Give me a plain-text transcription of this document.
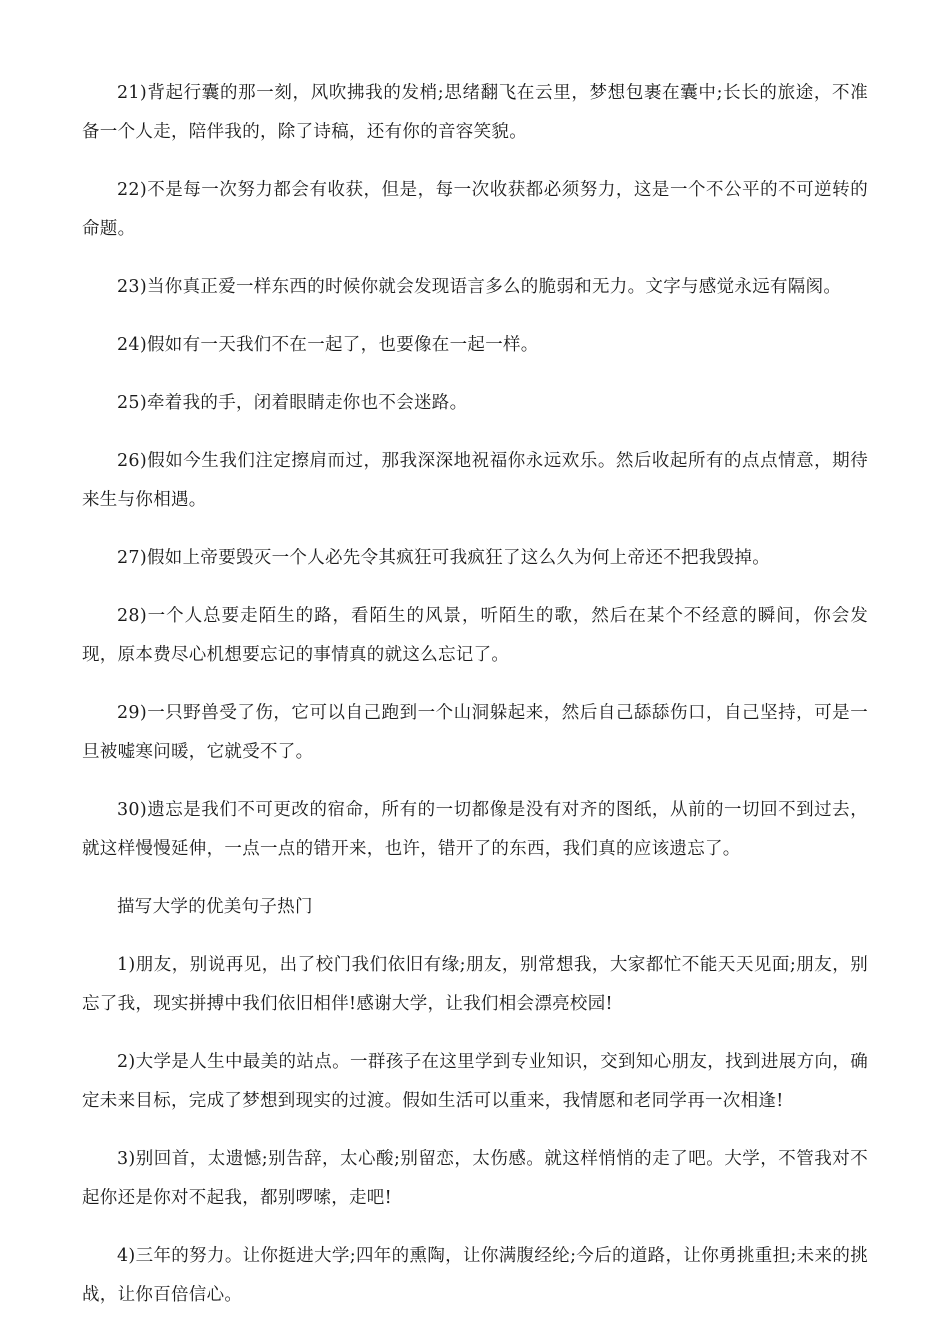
21)背起行囊的那一刻，风吹拂我的发梢;思绪翻飞在云里，梦想包裹在囊中;长长的旅途，不准备一个人走，陪伴我的，除了诗稿，还有你的音容笑貌。

22)不是每一次努力都会有收获，但是，每一次收获都必须努力，这是一个不公平的不可逆转的命题。

23)当你真正爱一样东西的时候你就会发现语言多么的脆弱和无力。文字与感觉永远有隔阂。

24)假如有一天我们不在一起了，也要像在一起一样。

25)牵着我的手，闭着眼睛走你也不会迷路。

26)假如今生我们注定擦肩而过，那我深深地祝福你永远欢乐。然后收起所有的点点情意，期待来生与你相遇。

27)假如上帝要毁灭一个人必先令其疯狂可我疯狂了这么久为何上帝还不把我毁掉。

28)一个人总要走陌生的路，看陌生的风景，听陌生的歌，然后在某个不经意的瞬间，你会发现，原本费尽心机想要忘记的事情真的就这么忘记了。

29)一只野兽受了伤，它可以自己跑到一个山洞躲起来，然后自己舔舔伤口，自己坚持，可是一旦被嘘寒问暖，它就受不了。

30)遗忘是我们不可更改的宿命，所有的一切都像是没有对齐的图纸，从前的一切回不到过去，就这样慢慢延伸，一点一点的错开来，也许，错开了的东西，我们真的应该遗忘了。

描写大学的优美句子热门

1)朋友，别说再见，出了校门我们依旧有缘;朋友，别常想我，大家都忙不能天天见面;朋友，别忘了我，现实拼搏中我们依旧相伴!感谢大学，让我们相会漂亮校园!

2)大学是人生中最美的站点。一群孩子在这里学到专业知识，交到知心朋友，找到进展方向，确定未来目标，完成了梦想到现实的过渡。假如生活可以重来，我情愿和老同学再一次相逢!

3)别回首，太遗憾;别告辞，太心酸;别留恋，太伤感。就这样悄悄的走了吧。大学，不管我对不起你还是你对不起我，都别啰嗦，走吧!

4)三年的努力。让你挺进大学;四年的熏陶，让你满腹经纶;今后的道路，让你勇挑重担;未来的挑战，让你百倍信心。
